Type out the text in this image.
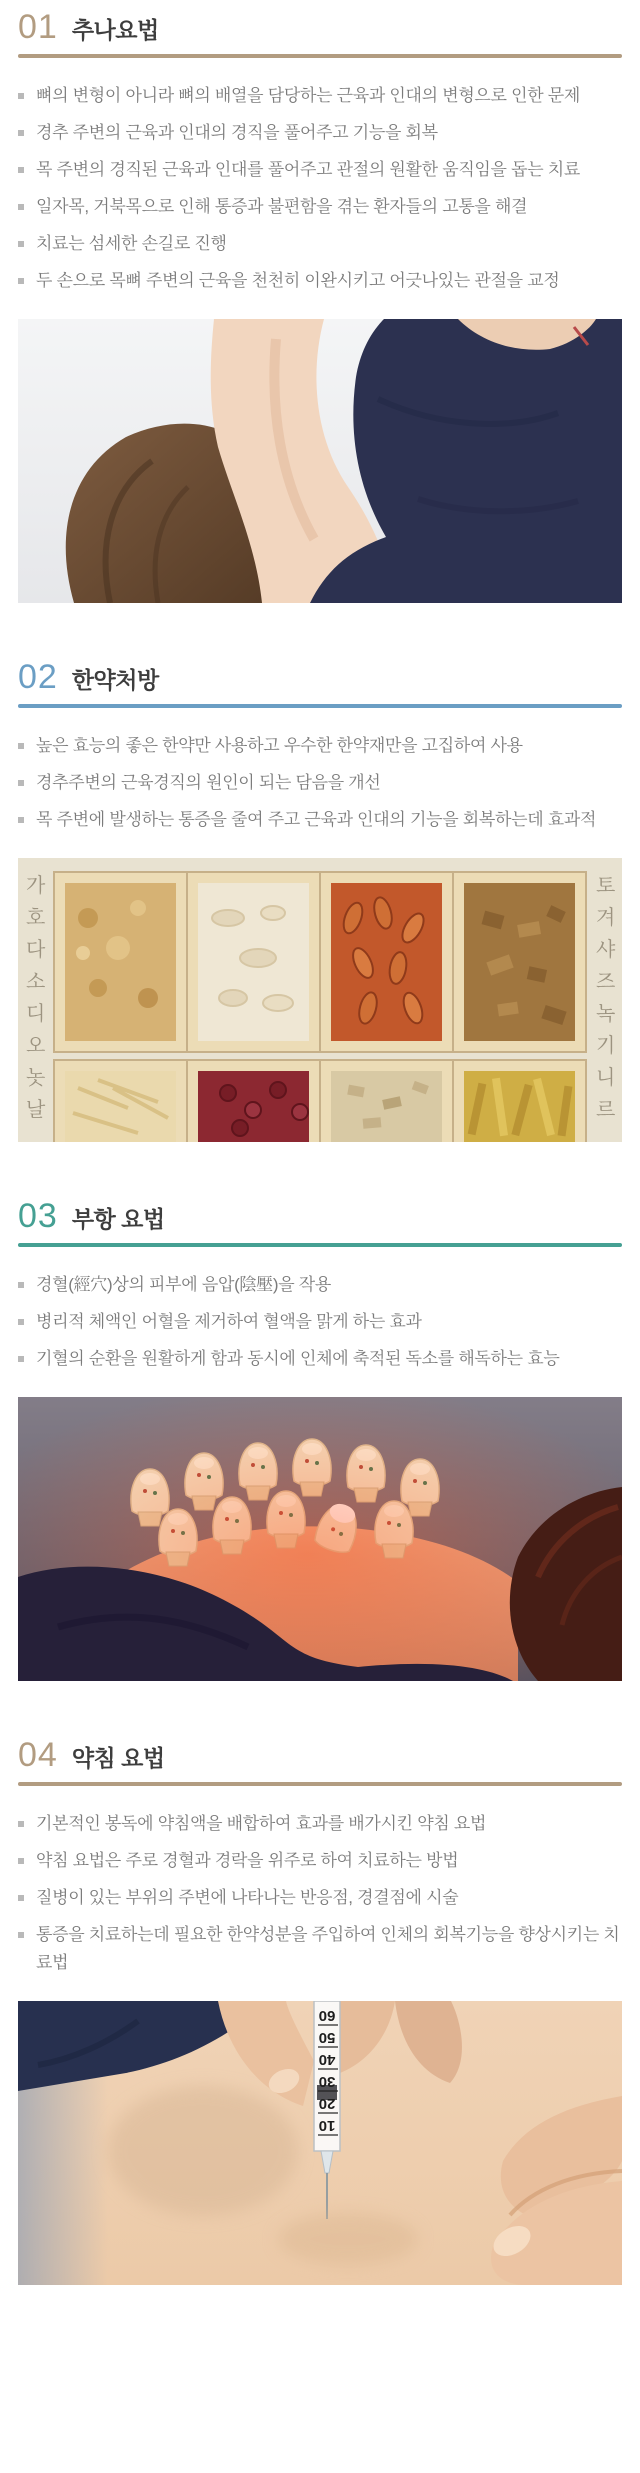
01 추나요법
뼈의 변형이 아니라 뼈의 배열을 담당하는 근육과 인대의 변형으로 인한 문제
경추 주변의 근육과 인대의 경직을 풀어주고 기능을 회복
목 주변의 경직된 근육과 인대를 풀어주고 관절의 원활한 움직임을 돕는 치료
일자목, 거북목으로 인해 통증과 불편함을 겪는 환자들의 고통을 해결
치료는 섬세한 손길로 진행
두 손으로 목뼈 주변의 근육을 천천히 이완시키고 어긋나있는 관절을 교정
02 한약처방
높은 효능의 좋은 한약만 사용하고 우수한 한약재만을 고집하여 사용
경추주변의 근육경직의 원인이 되는 담음을 개선
목 주변에 발생하는 통증을 줄여 주고 근육과 인대의 기능을 회복하는데 효과적
가
호
다
소
디
오
놋
날
토
겨
샤
즈
녹
기
니
르
03 부항 요법
경혈(經穴)상의 피부에 음압(陰壓)을 작용
병리적 체액인 어혈을 제거하여 혈액을 맑게 하는 효과
기혈의 순환을 원활하게 함과 동시에 인체에 축적된 독소를 해독하는 효능
04 약침 요법
기본적인 봉독에 약침액을 배합하여 효과를 배가시킨 약침 요법
약침 요법은 주로 경혈과 경락을 위주로 하여 치료하는 방법
질병이 있는 부위의 주변에 나타나는 반응점, 경결점에 시술
통증을 치료하는데 필요한 한약성분을 주입하여 인체의 회복기능을 향상시키는 치료법
60
50
40
30
20
10
